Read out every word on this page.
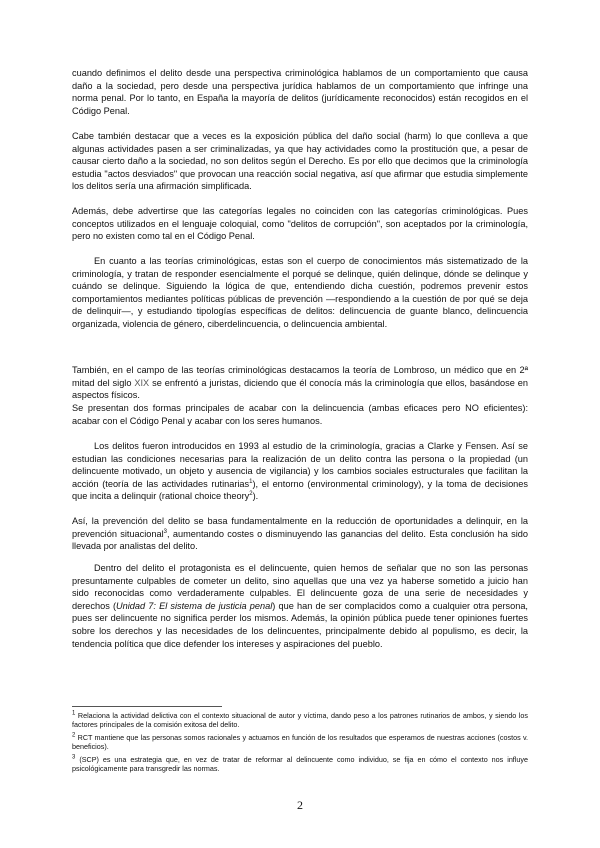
cuando definimos el delito desde una perspectiva criminológica hablamos de un comportamiento que causa daño a la sociedad, pero desde una perspectiva jurídica hablamos de un comportamiento que infringe una norma penal. Por lo tanto, en España la mayoría de delitos (jurídicamente reconocidos) están recogidos en el Código Penal.

Cabe también destacar que a veces es la exposición pública del daño social (harm) lo que conlleva a que algunas actividades pasen a ser criminalizadas, ya que hay actividades como la prostitución que, a pesar de causar cierto daño a la sociedad, no son delitos según el Derecho. Es por ello que decimos que la criminología estudia "actos desviados" que provocan una reacción social negativa, así que afirmar que estudia simplemente los delitos sería una afirmación simplificada.

Además, debe advertirse que las categorías legales no coinciden con las categorías criminológicas. Pues conceptos utilizados en el lenguaje coloquial, como "delitos de corrupción", son aceptados por la criminología, pero no existen como tal en el Código Penal.

En cuanto a las teorías criminológicas, estas son el cuerpo de conocimientos más sistematizado de la criminología, y tratan de responder esencialmente el porqué se delinque, quién delinque, dónde se delinque y cuándo se delinque. Siguiendo la lógica de que, entendiendo dicha cuestión, podremos prevenir estos comportamientos mediantes políticas públicas de prevención —respondiendo a la cuestión de por qué se deja de delinquir—, y estudiando tipologías específicas de delitos: delincuencia de guante blanco, delincuencia organizada, violencia de género, ciberdelincuencia, o delincuencia ambiental.

También, en el campo de las teorías criminológicas destacamos la teoría de Lombroso, un médico que en 2ª mitad del siglo XIX se enfrentó a juristas, diciendo que él conocía más la criminología que ellos, basándose en aspectos físicos.

Se presentan dos formas principales de acabar con la delincuencia (ambas eficaces pero NO eficientes): acabar con el Código Penal y acabar con los seres humanos.

Los delitos fueron introducidos en 1993 al estudio de la criminología, gracias a Clarke y Fensen. Así se estudian las condiciones necesarias para la realización de un delito contra las persona o la propiedad (un delincuente motivado, un objeto y ausencia de vigilancia) y los cambios sociales estructurales que facilitan la acción (teoría de las actividades rutinarias$^1$), el entorno (environmental criminology), y la toma de decisiones que incita a delinquir (rational choice theory$^2$).

Así, la prevención del delito se basa fundamentalmente en la reducción de oportunidades a delinquir, en la prevención situacional$^3$, aumentando costes o disminuyendo las ganancias del delito. Esta conclusión ha sido llevada por analistas del delito.

Dentro del delito el protagonista es el delincuente, quien hemos de señalar que no son las personas presuntamente culpables de cometer un delito, sino aquellas que una vez ya haberse sometido a juicio han sido reconocidas como verdaderamente culpables. El delincuente goza de una serie de necesidades y derechos (Unidad 7: El sistema de justicia penal) que han de ser complacidos como a cualquier otra persona, pues ser delincuente no significa perder los mismos. Además, la opinión pública puede tener opiniones fuertes sobre los derechos y las necesidades de los delincuentes, principalmente debido al populismo, es decir, la tendencia política que dice defender los intereses y aspiraciones del pueblo.

$^1$ Relaciona la actividad delictiva con el contexto situacional de autor y víctima, dando peso a los patrones rutinarios de ambos, y siendo los factores principales de la comisión exitosa del delito.

$^2$ RCT mantiene que las personas somos racionales y actuamos en función de los resultados que esperamos de nuestras acciones (costos v. beneficios).

$^3$ (SCP) es una estrategia que, en vez de tratar de reformar al delincuente como individuo, se fija en cómo el contexto nos influye psicológicamente para transgredir las normas.

2
